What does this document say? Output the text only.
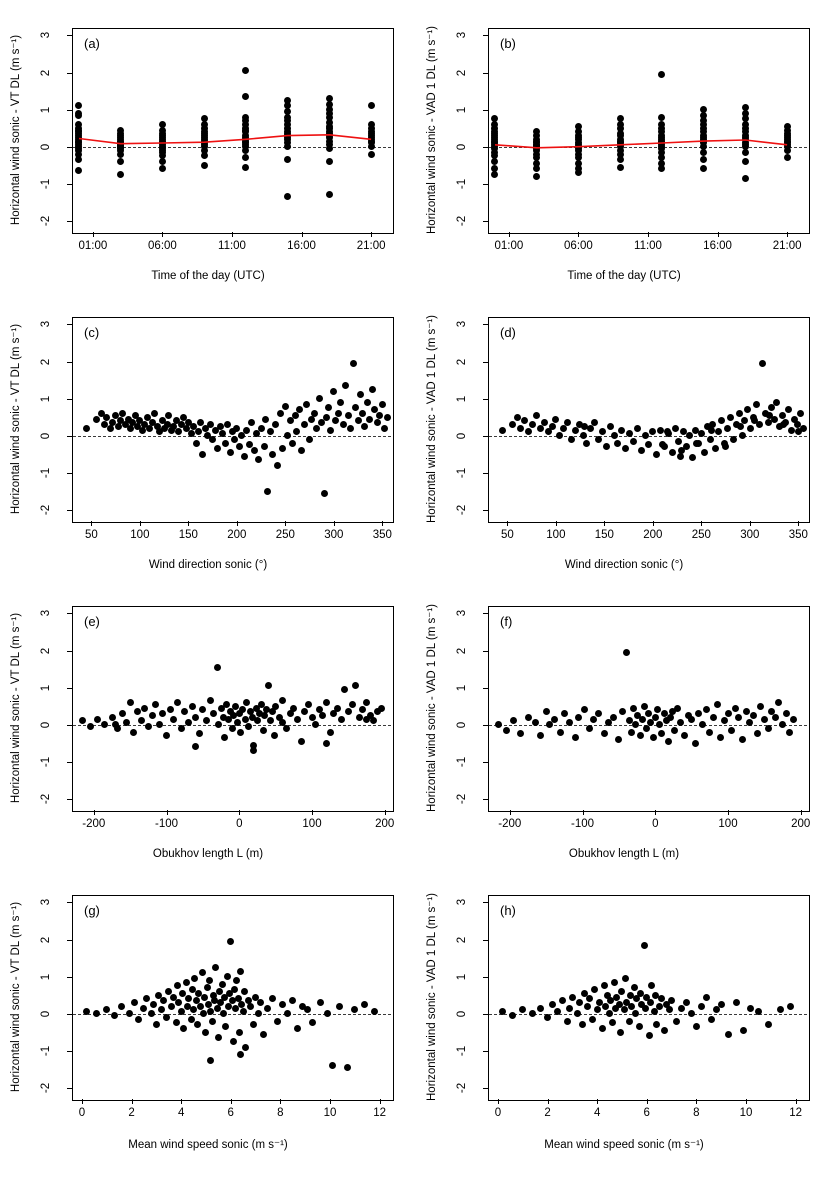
Horizontal wind sonic - VT DL (m s⁻¹)	(a)
01:00	06:00	11:00	16:00	21:00
-2
-1
0
1
2
3
Time of the day (UTC)
Horizontal wind sonic - VAD 1 DL (m s⁻¹)	(b)
01:00	06:00	11:00	16:00	21:00
-2
-1
0
1
2
3
Time of the day (UTC)
Horizontal wind sonic - VT DL (m s⁻¹)	(c)
50	100	150	200	250	300	350
-2
-1
0
1
2
3
Wind direction sonic (°)
Horizontal wind sonic - VAD 1 DL (m s⁻¹)	(d)
50	100	150	200	250	300	350
-2
-1
0
1
2
3
Wind direction sonic (°)
Horizontal wind sonic - VT DL (m s⁻¹)	(e)
-200	-100	0	100	200
-2
-1
0
1
2
3
Obukhov length L (m)
Horizontal wind sonic - VAD 1 DL (m s⁻¹)	(f)
-200	-100	0	100	200
-2
-1
0
1
2
3
Obukhov length L (m)
Horizontal wind sonic - VT DL (m s⁻¹)	(g)
0	2	4	6	8	10	12
-2
-1
0
1
2
3
Mean wind speed sonic (m s⁻¹)
Horizontal wind sonic - VAD 1 DL (m s⁻¹)	(h)
0	2	4	6	8	10	12
-2
-1
0
1
2
3
Mean wind speed sonic (m s⁻¹)
